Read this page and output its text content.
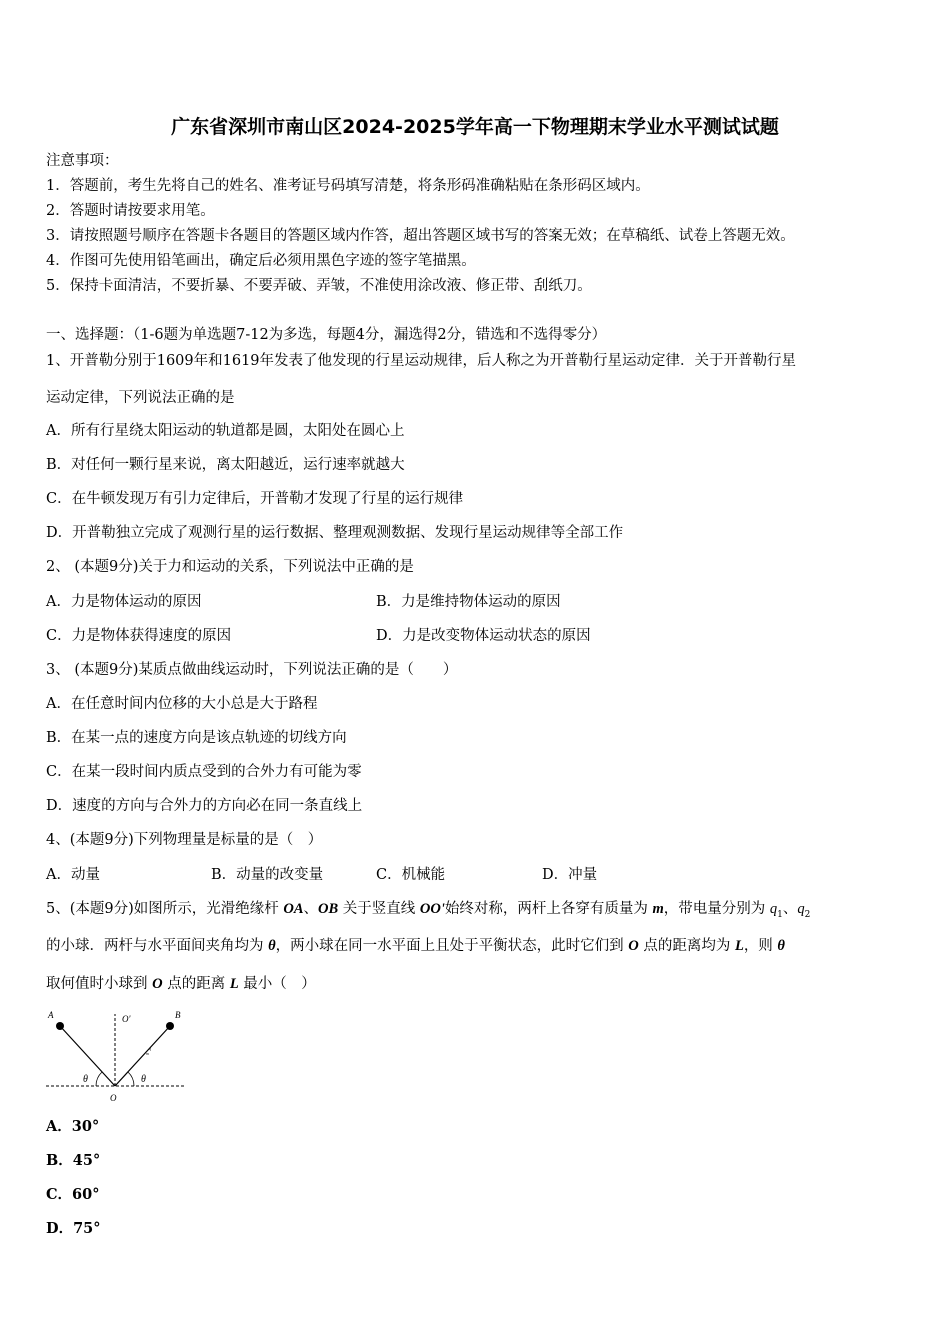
广东省深圳市南山区2024-2025学年高一下物理期末学业水平测试试题
注意事项：
1．答题前，考生先将自己的姓名、准考证号码填写清楚，将条形码准确粘贴在条形码区域内。
2．答题时请按要求用笔。
3．请按照题号顺序在答题卡各题目的答题区域内作答，超出答题区域书写的答案无效；在草稿纸、试卷上答题无效。
4．作图可先使用铅笔画出，确定后必须用黑色字迹的签字笔描黑。
5．保持卡面清洁，不要折暴、不要弄破、弄皱，不准使用涂改液、修正带、刮纸刀。
一、选择题：（1-6题为单选题7-12为多选，每题4分，漏选得2分，错选和不选得零分）
1、开普勒分别于1609年和1619年发表了他发现的行星运动规律，后人称之为开普勒行星运动定律．关于开普勒行星
运动定律，下列说法正确的是
A．所有行星绕太阳运动的轨道都是圆，太阳处在圆心上
B．对任何一颗行星来说，离太阳越近，运行速率就越大
C．在牛顿发现万有引力定律后，开普勒才发现了行星的运行规律
D．开普勒独立完成了观测行星的运行数据、整理观测数据、发现行星运动规律等全部工作
2、 (本题9分)关于力和运动的关系，下列说法中正确的是
A．力是物体运动的原因	B．力是维持物体运动的原因
C．力是物体获得速度的原因	D．力是改变物体运动状态的原因
3、 (本题9分)某质点做曲线运动时，下列说法正确的是（　　）
A．在任意时间内位移的大小总是大于路程
B．在某一点的速度方向是该点轨迹的切线方向
C．在某一段时间内质点受到的合外力有可能为零
D．速度的方向与合外力的方向必在同一条直线上
4、(本题9分)下列物理量是标量的是（　）
A．动量	B．动量的改变量	C．机械能	D．冲量
5、(本题9分)如图所示，光滑绝缘杆 OA、OB 关于竖直线 OO'始终对称，两杆上各穿有质量为 m，带电量分别为 $q_1$、$q_2$
的小球．两杆与水平面间夹角均为 θ，两小球在同一水平面上且处于平衡状态，此时它们到 O 点的距离均为 L，则 θ
取何值时小球到 O 点的距离 L 最小（　）
A	B
O'
O
θ	θ
q
m
A．30°
B．45°
C．60°
D．75°
